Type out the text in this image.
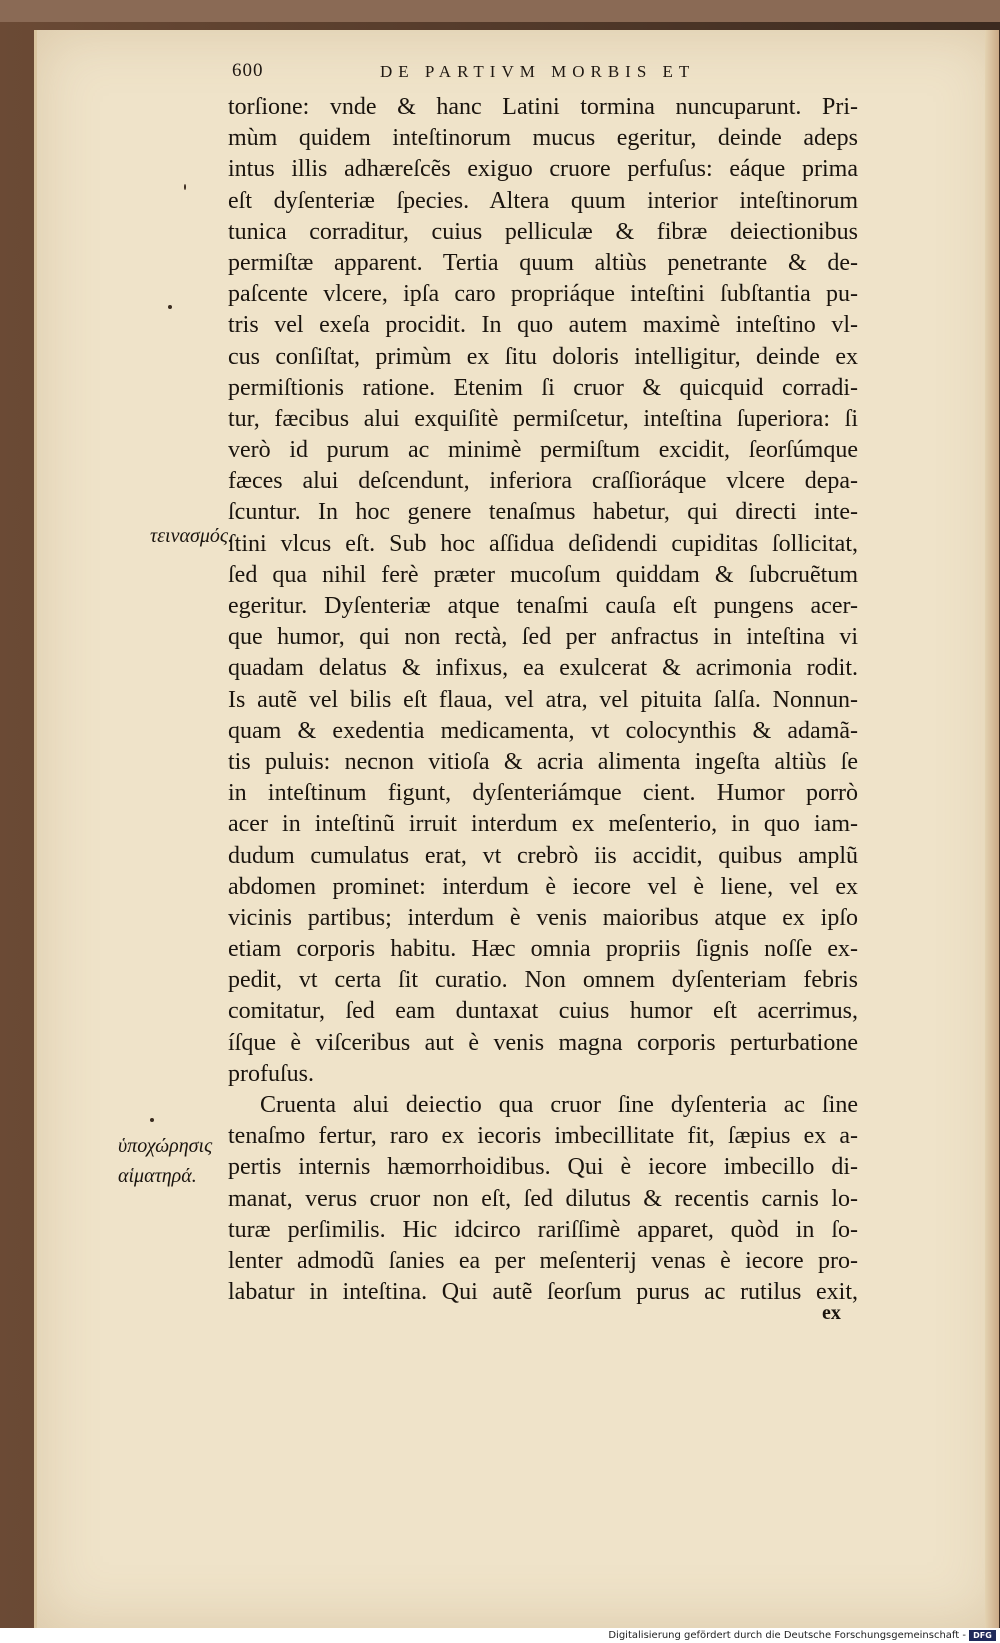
600	DE PARTIVM MORBIS ET
torſione: vnde & hanc Latini tormina nuncuparunt. Pri-
mùm quidem inteſtinorum mucus egeritur, deinde adeps
intus illis adhæreſcẽs exiguo cruore perfuſus: eáque prima
eſt dyſenteriæ ſpecies. Altera quum interior inteſtinorum
tunica corraditur, cuius pelliculæ & fibræ deiectionibus
permiſtæ apparent. Tertia quum altiùs penetrante & de-
paſcente vlcere, ipſa caro propriáque inteſtini ſubſtantia pu-
tris vel exeſa procidit. In quo autem maximè inteſtino vl-
cus conſiſtat, primùm ex ſitu doloris intelligitur, deinde ex
permiſtionis ratione. Etenim ſi cruor & quicquid corradi-
tur, fæcibus alui exquiſitè permiſcetur, inteſtina ſuperiora: ſi
verò id purum ac minimè permiſtum excidit, ſeorſúmque
fæces alui deſcendunt, inferiora craſſioráque vlcere depa-
ſcuntur. In hoc genere tenaſmus habetur, qui directi inte-
ſtini vlcus eſt. Sub hoc aſſidua deſidendi cupiditas ſollicitat,
ſed qua nihil ferè præter mucoſum quiddam & ſubcruẽtum
egeritur. Dyſenteriæ atque tenaſmi cauſa eſt pungens acer-
que humor, qui non rectà, ſed per anfractus in inteſtina vi
quadam delatus & infixus, ea exulcerat & acrimonia rodit.
Is autẽ vel bilis eſt flaua, vel atra, vel pituita ſalſa. Nonnun-
quam & exedentia medicamenta, vt colocynthis & adamã-
tis puluis: necnon vitioſa & acria alimenta ingeſta altiùs ſe
in inteſtinum figunt, dyſenteriámque cient. Humor porrò
acer in inteſtinũ irruit interdum ex meſenterio, in quo iam-
dudum cumulatus erat, vt crebrò iis accidit, quibus amplũ
abdomen prominet: interdum è iecore vel è liene, vel ex
vicinis partibus; interdum è venis maioribus atque ex ipſo
etiam corporis habitu. Hæc omnia propriis ſignis noſſe ex-
pedit, vt certa ſit curatio. Non omnem dyſenteriam febris
comitatur, ſed eam duntaxat cuius humor eſt acerrimus,
íſque è viſceribus aut è venis magna corporis perturbatione
profuſus.
Cruenta alui deiectio qua cruor ſine dyſenteria ac ſine
tenaſmo fertur, raro ex iecoris imbecillitate fit, ſæpius ex a-
pertis internis hæmorrhoidibus. Qui è iecore imbecillo di-
manat, verus cruor non eſt, ſed dilutus & recentis carnis lo-
turæ perſimilis. Hic idcirco rariſſimè apparet, quòd in ſo-
lenter admodũ ſanies ea per meſenterij venas è iecore pro-
labatur in inteſtina. Qui autẽ ſeorſum purus ac rutilus exit,
ex
τεινασμός.
ὑποχώρησις
αἱματηρά.
Digitalisierung gefördert durch die Deutsche Forschungsgemeinschaft - DFG
